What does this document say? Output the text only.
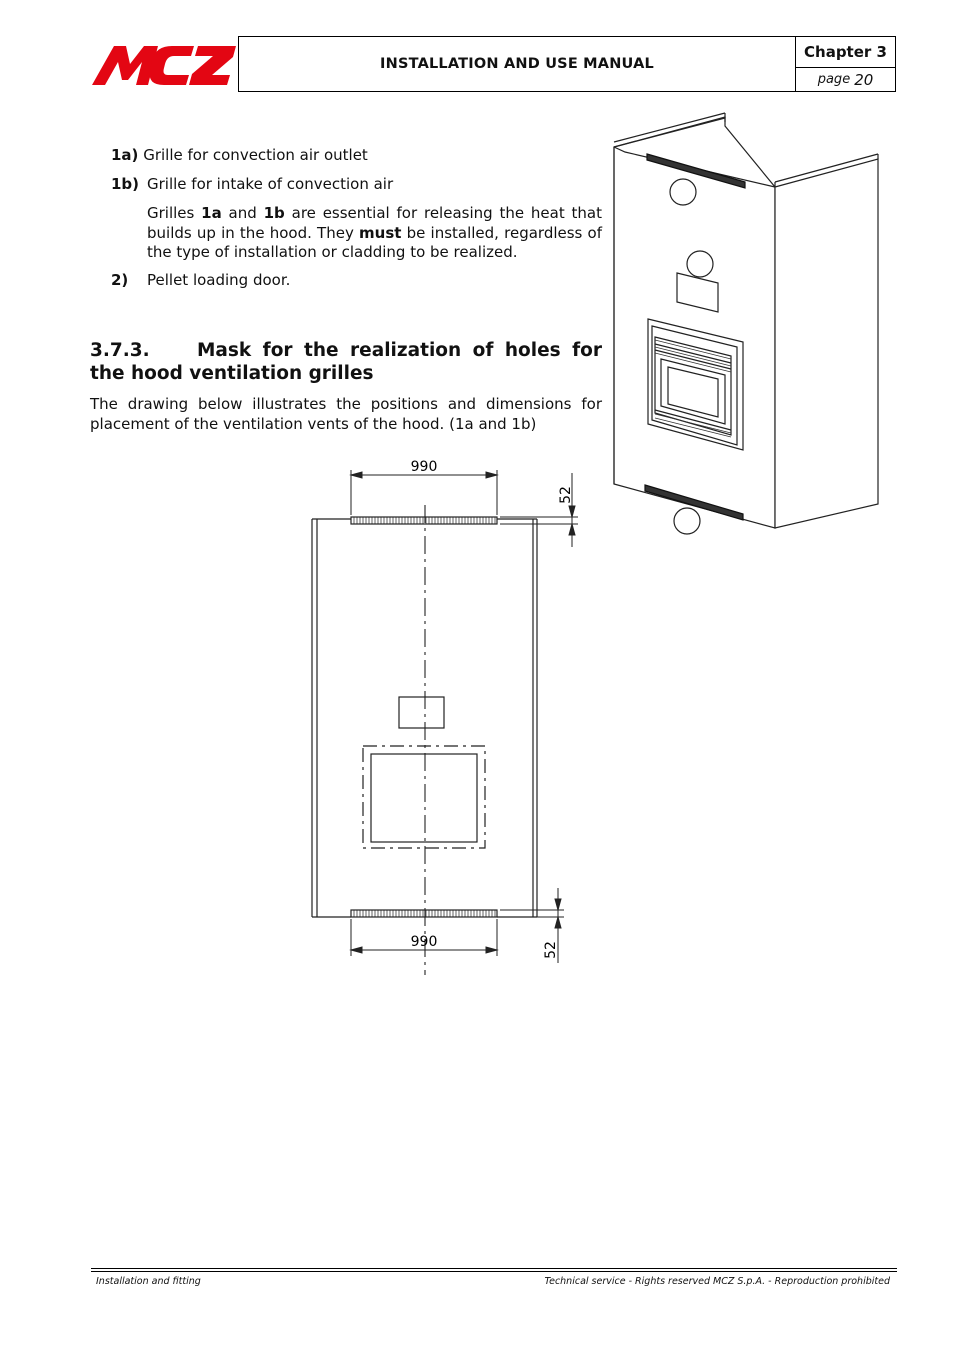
INSTALLATION AND USE MANUAL
Chapter 3
page 20
1a) Grille for convection air outlet
1b) Grille for intake of convection air
Grilles 1a and 1b are essential for releasing the heat that builds up in the hood. They must be installed, regardless of the type of installation or cladding to be realized.
2) Pellet loading door.
3.7.3.	Mask for the realization of holes for the hood ventilation grilles
The drawing below illustrates the positions and dimensions for placement of the ventilation vents of the hood. (1a and 1b)
990
990
52
52
Installation and fitting	Technical service - Rights reserved MCZ S.p.A. - Reproduction prohibited
